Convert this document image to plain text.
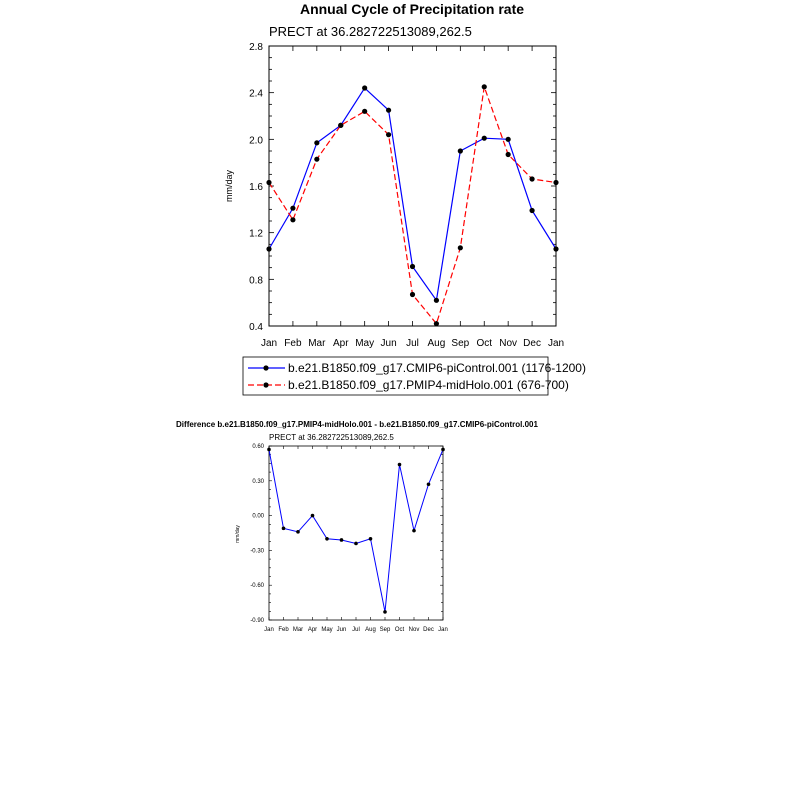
Annual Cycle of Precipitation rate
PRECT at 36.282722513089,262.5
Jan Feb Mar Apr May Jun Jul Aug Sep Oct Nov Dec Jan
0.4
0.8
1.2
1.6
2.0
2.4
2.8
mm/day
b.e21.B1850.f09_g17.CMIP6-piControl.001 (1176-1200)
b.e21.B1850.f09_g17.PMIP4-midHolo.001 (676-700)
Difference b.e21.B1850.f09_g17.PMIP4-midHolo.001 - b.e21.B1850.f09_g17.CMIP6-piControl.001
PRECT at 36.282722513089,262.5
Jan Feb Mar Apr May Jun Jul Aug Sep Oct Nov Dec Jan
-0.90
-0.60
-0.30
0.00
0.30
0.60
mm/day
